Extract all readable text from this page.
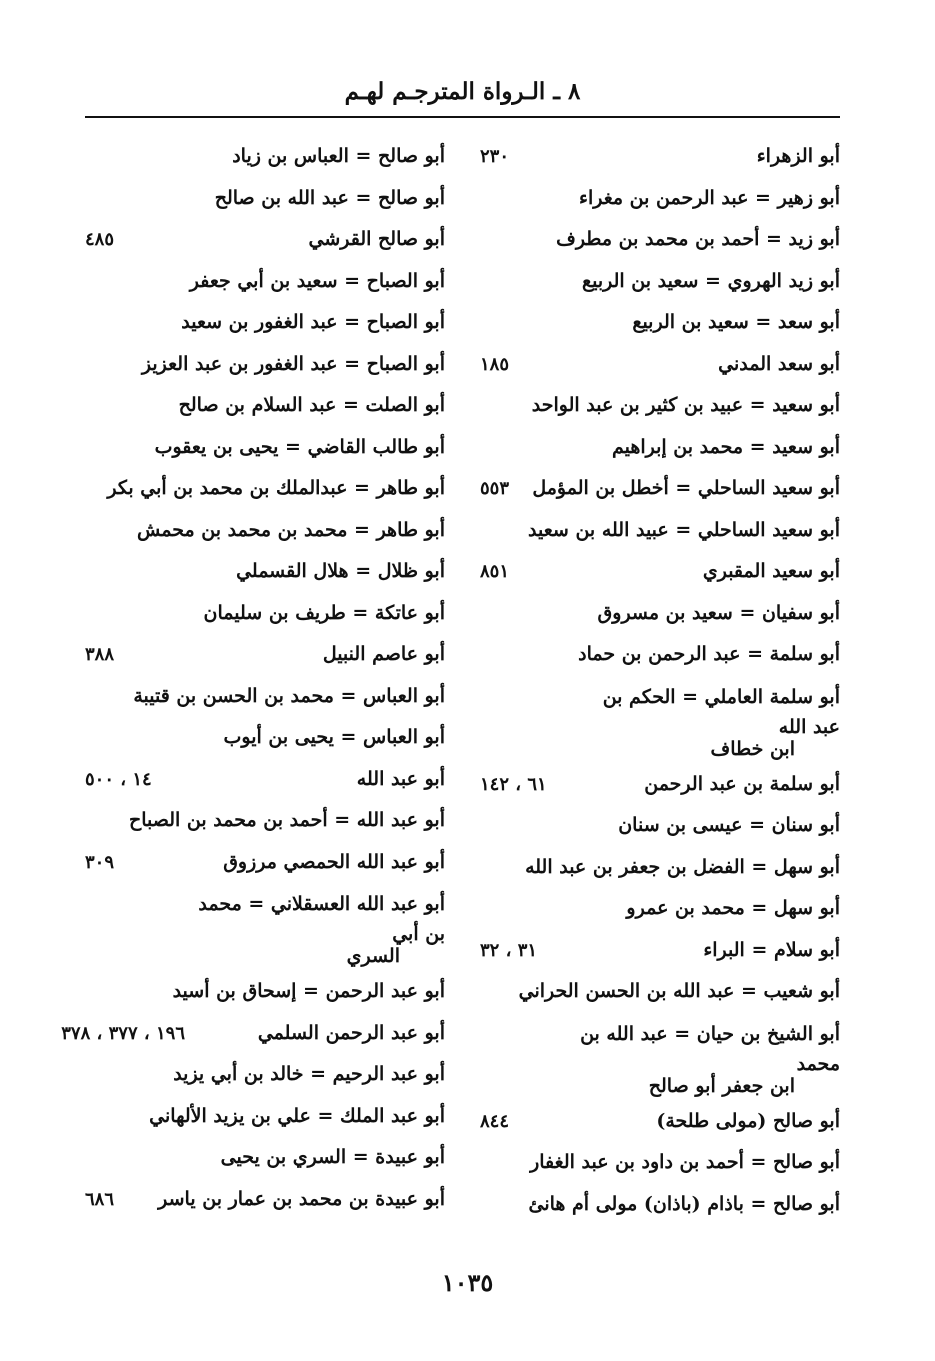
٨ ـ الـرواة المترجـم لهـم
أبو الزهراء
٢٣٠
أبو زهير = عبد الرحمن بن مغراء
أبو زيد = أحمد بن محمد بن مطرف
أبو زيد الهروي = سعيد بن الربيع
أبو سعد = سعيد بن الربيع
أبو سعد المدني
١٨٥
أبو سعيد = عبيد بن كثير بن عبد الواحد
أبو سعيد = محمد بن إبراهيم
أبو سعيد الساحلي = أخطل بن المؤمل
٥٥٣
أبو سعيد الساحلي = عبيد الله بن سعيد
أبو سعيد المقبري
٨٥١
أبو سفيان = سعيد بن مسروق
أبو سلمة = عبد الرحمن بن حماد
أبو سلمة العاملي = الحكم بن عبد الله
ابن خطاف
أبو سلمة بن عبد الرحمن
٦١ ، ١٤٢
أبو سنان = عيسى بن سنان
أبو سهل = الفضل بن جعفر بن عبد الله
أبو سهل = محمد بن عمرو
أبو سلام = البراء
٣١ ، ٣٢
أبو شعيب = عبد الله بن الحسن الحراني
أبو الشيخ بن حيان = عبد الله بن محمد
ابن جعفر أبو صالح
أبو صالح (مولى طلحة)
٨٤٤
أبو صالح = أحمد بن داود بن عبد الغفار
أبو صالح = باذام (باذان) مولى أم هانئ
أبو صالح = العباس بن زياد
أبو صالح = عبد الله بن صالح
أبو صالح القرشي
٤٨٥
أبو الصباح = سعيد بن أبي جعفر
أبو الصباح = عبد الغفور بن سعيد
أبو الصباح = عبد الغفور بن عبد العزيز
أبو الصلت = عبد السلام بن صالح
أبو طالب القاضي = يحيى بن يعقوب
أبو طاهر = عبدالملك بن محمد بن أبي بكر
أبو طاهر = محمد بن محمد بن محمش
أبو ظلال = هلال القسملي
أبو عاتكة = طريف بن سليمان
أبو عاصم النبيل
٣٨٨
أبو العباس = محمد بن الحسن بن قتيبة
أبو العباس = يحيى بن أيوب
أبو عبد الله
١٤ ، ٥٠٠
أبو عبد الله = أحمد بن محمد بن الصباح
أبو عبد الله الحمصي مرزوق
٣٠٩
أبو عبد الله العسقلاني = محمد بن أبي
السري
أبو عبد الرحمن = إسحاق بن أسيد
أبو عبد الرحمن السلمي
١٩٦ ، ٣٧٧ ، ٣٧٨
أبو عبد الرحيم = خالد بن أبي يزيد
أبو عبد الملك = علي بن يزيد الألهاني
أبو عبيدة = السري بن يحيى
أبو عبيدة بن محمد بن عمار بن ياسر
٦٨٦
١٠٣٥
